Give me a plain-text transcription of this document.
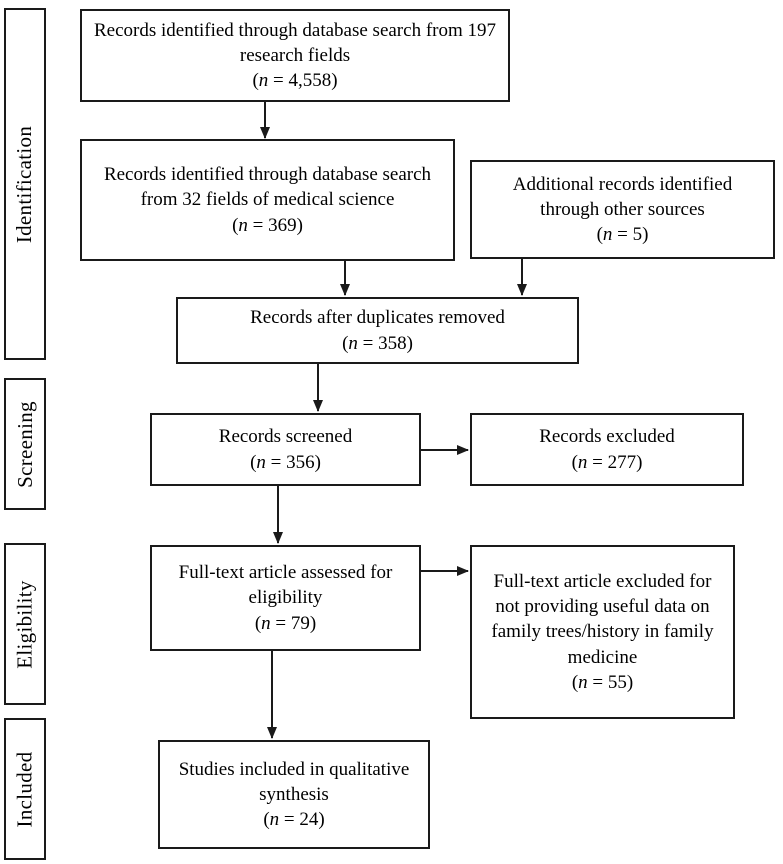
Identification
Screening
Eligibility
Included
Records identified through database search from 197 research fields
(n = 4,558)
Records identified through database search from 32 fields of medical science
(n = 369)
Additional records identified through other sources
(n = 5)
Records after duplicates removed
(n = 358)
Records screened
(n = 356)
Records excluded
(n = 277)
Full-text article assessed for eligibility
(n = 79)
Full-text article excluded for not providing useful data on family trees/history in family medicine
(n = 55)
Studies included in qualitative synthesis
(n = 24)
